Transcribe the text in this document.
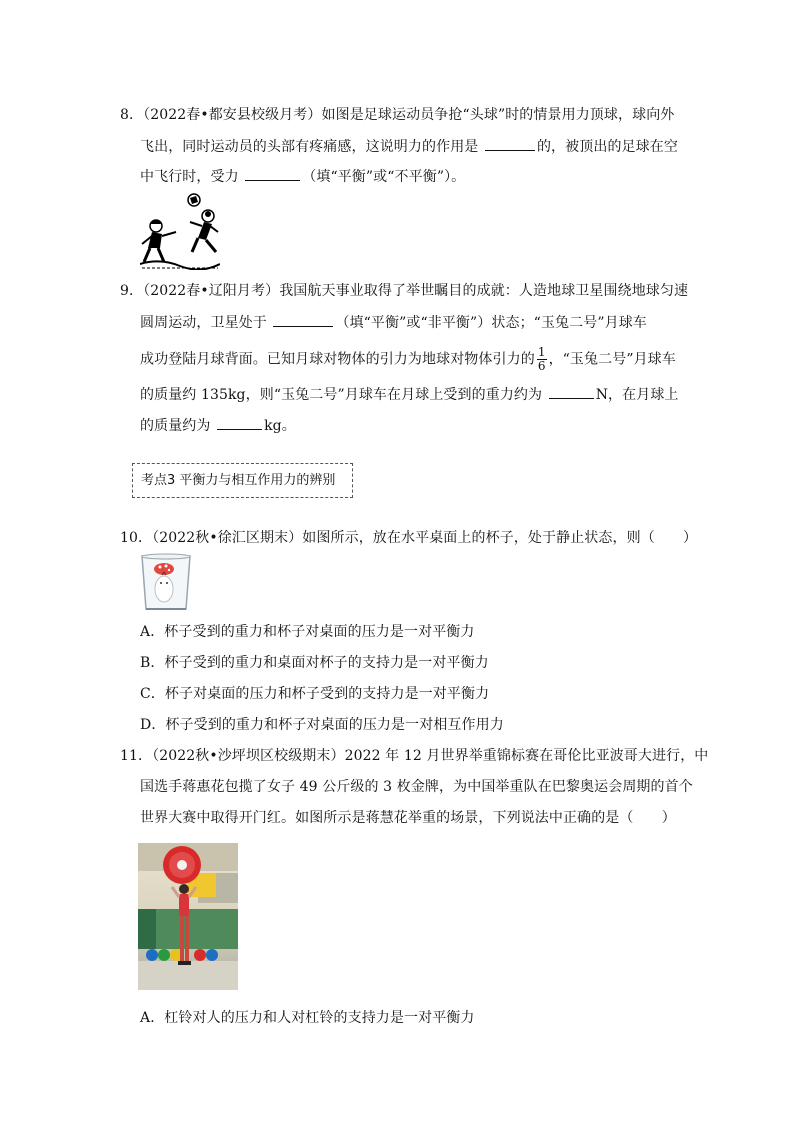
8．（2022春•都安县校级月考）如图是足球运动员争抢“头球”时的情景用力顶球，球向外
飞出，同时运动员的头部有疼痛感，这说明力的作用是	的，被顶出的足球在空
中飞行时，受力	（填“平衡”或“不平衡”）。
9．（2022春•辽阳月考）我国航天事业取得了举世瞩目的成就：人造地球卫星围绕地球匀速
圆周运动，卫星处于	（填“平衡”或“非平衡”）状态；“玉兔二号”月球车
成功登陆月球背面。已知月球对物体的引力为地球对物体引力的 $\frac{1}{6}$ ，“玉兔二号”月球车
的质量约 135kg，则“玉兔二号”月球车在月球上受到的重力约为	N，在月球上
的质量约为	kg。
考点3 平衡力与相互作用力的辨别
10．（2022秋•徐汇区期末）如图所示，放在水平桌面上的杯子，处于静止状态，则（　　）
A．杯子受到的重力和杯子对桌面的压力是一对平衡力
B．杯子受到的重力和桌面对杯子的支持力是一对平衡力
C．杯子对桌面的压力和杯子受到的支持力是一对平衡力
D．杯子受到的重力和杯子对桌面的压力是一对相互作用力
11．（2022秋•沙坪坝区校级期末）2022 年 12 月世界举重锦标赛在哥伦比亚波哥大进行，中
国选手蒋惠花包揽了女子 49 公斤级的 3 枚金牌，为中国举重队在巴黎奥运会周期的首个
世界大赛中取得开门红。如图所示是蒋慧花举重的场景，下列说法中正确的是（　　）
A．杠铃对人的压力和人对杠铃的支持力是一对平衡力
